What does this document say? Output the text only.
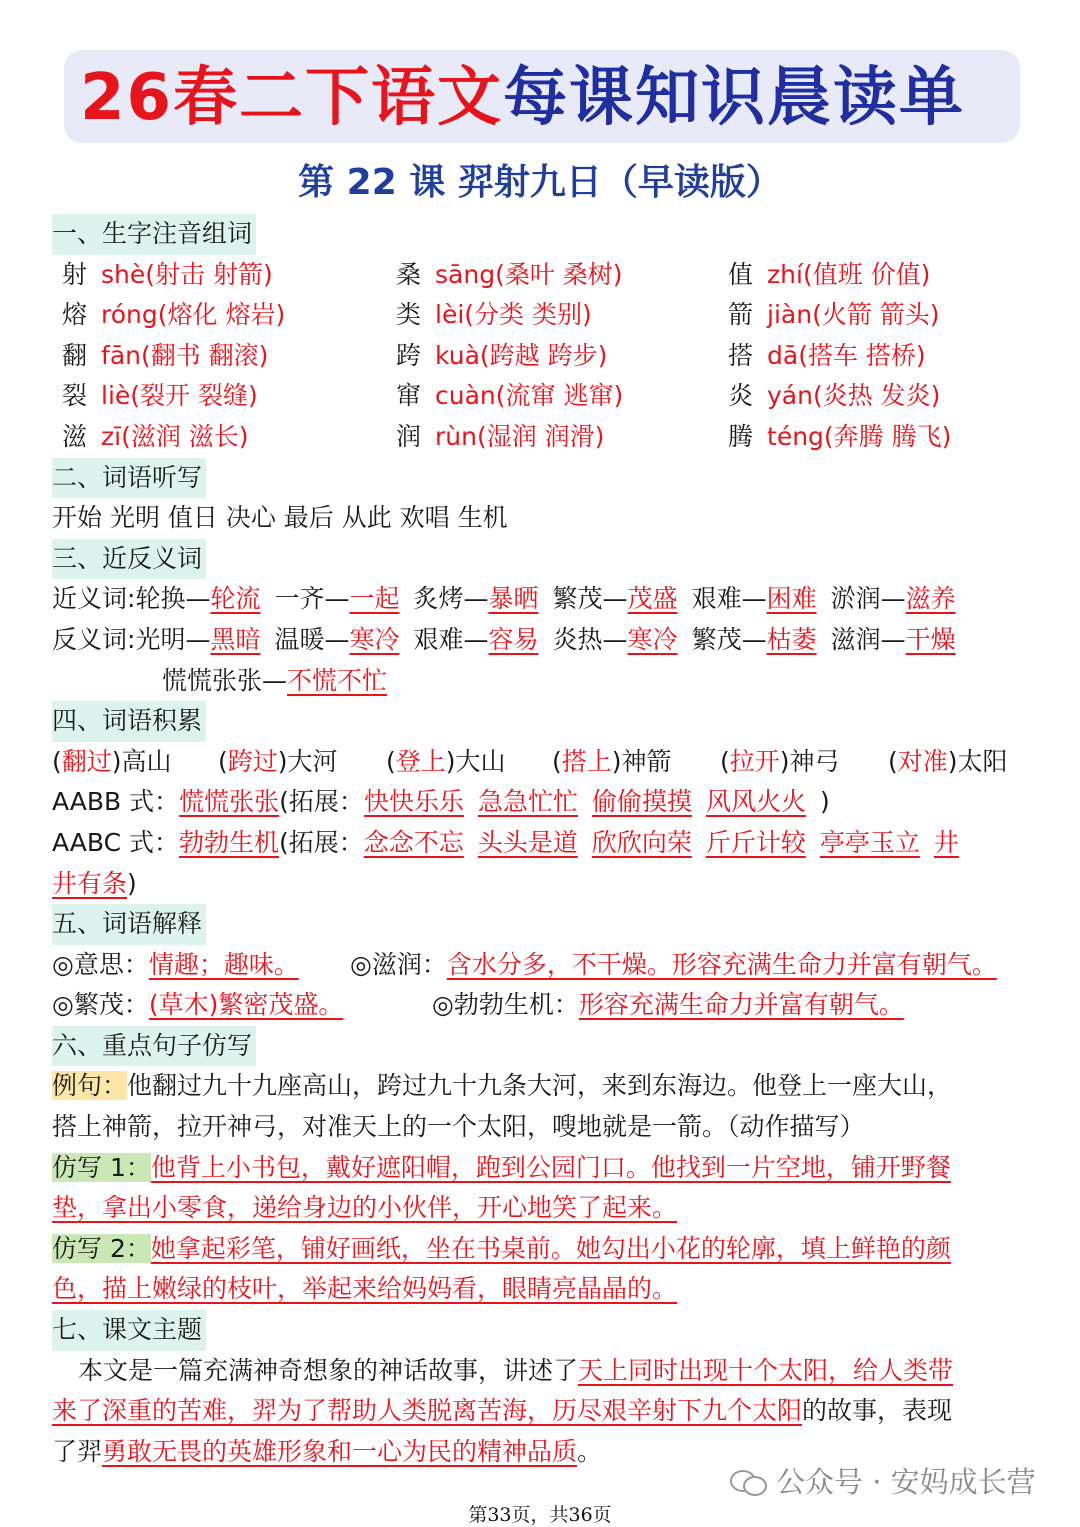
26春二下语文每课知识晨读单
第 22 课 羿射九日（早读版）
一、生字注音组词
射 shè(射击 射箭)	桑 sāng(桑叶 桑树)	值 zhí(值班 价值)
熔 róng(熔化 熔岩)	类 lèi(分类 类别)	箭 jiàn(火箭 箭头)
翻 fān(翻书 翻滚)	跨 kuà(跨越 跨步)	搭 dā(搭车 搭桥)
裂 liè(裂开 裂缝)	窜 cuàn(流窜 逃窜)	炎 yán(炎热 发炎)
滋 zī(滋润 滋长)	润 rùn(湿润 润滑)	腾 téng(奔腾 腾飞)
二、词语听写
开始 光明 值日 决心 最后 从此 欢唱 生机
三、近反义词
近义词:轮换—轮流 一齐—一起 炙烤—暴晒 繁茂—茂盛 艰难—困难 淤润—滋养
反义词:光明—黑暗 温暖—寒冷 艰难—容易 炎热—寒冷 繁茂—枯萎 滋润—干燥
慌慌张张—不慌不忙
四、词语积累
(翻过)高山 (跨过)大河 (登上)大山 (搭上)神箭 (拉开)神弓 (对准)太阳
AABB 式：慌慌张张(拓展：快快乐乐 急急忙忙 偷偷摸摸 风风火火 )
AABC 式：勃勃生机(拓展：念念不忘 头头是道 欣欣向荣 斤斤计较 亭亭玉立 井
井有条)
五、词语解释
◎意思：情趣；趣味。 ◎滋润：含水分多，不干燥。形容充满生命力并富有朝气。
◎繁茂：(草木)繁密茂盛。	◎勃勃生机：形容充满生命力并富有朝气。
六、重点句子仿写
例句：他翻过九十九座高山，跨过九十九条大河，来到东海边。他登上一座大山，
搭上神箭，拉开神弓，对准天上的一个太阳，嗖地就是一箭。（动作描写）
仿写 1：他背上小书包，戴好遮阳帽，跑到公园门口。他找到一片空地，铺开野餐
垫，拿出小零食，递给身边的小伙伴，开心地笑了起来。
仿写 2：她拿起彩笔，铺好画纸，坐在书桌前。她勾出小花的轮廓，填上鲜艳的颜
色，描上嫩绿的枝叶，举起来给妈妈看，眼睛亮晶晶的。
七、课文主题
本文是一篇充满神奇想象的神话故事，讲述了天上同时出现十个太阳，给人类带
来了深重的苦难，羿为了帮助人类脱离苦海，历尽艰辛射下九个太阳的故事，表现
了羿勇敢无畏的英雄形象和一心为民的精神品质。
公众号 · 安妈成长营
第33页，共36页
